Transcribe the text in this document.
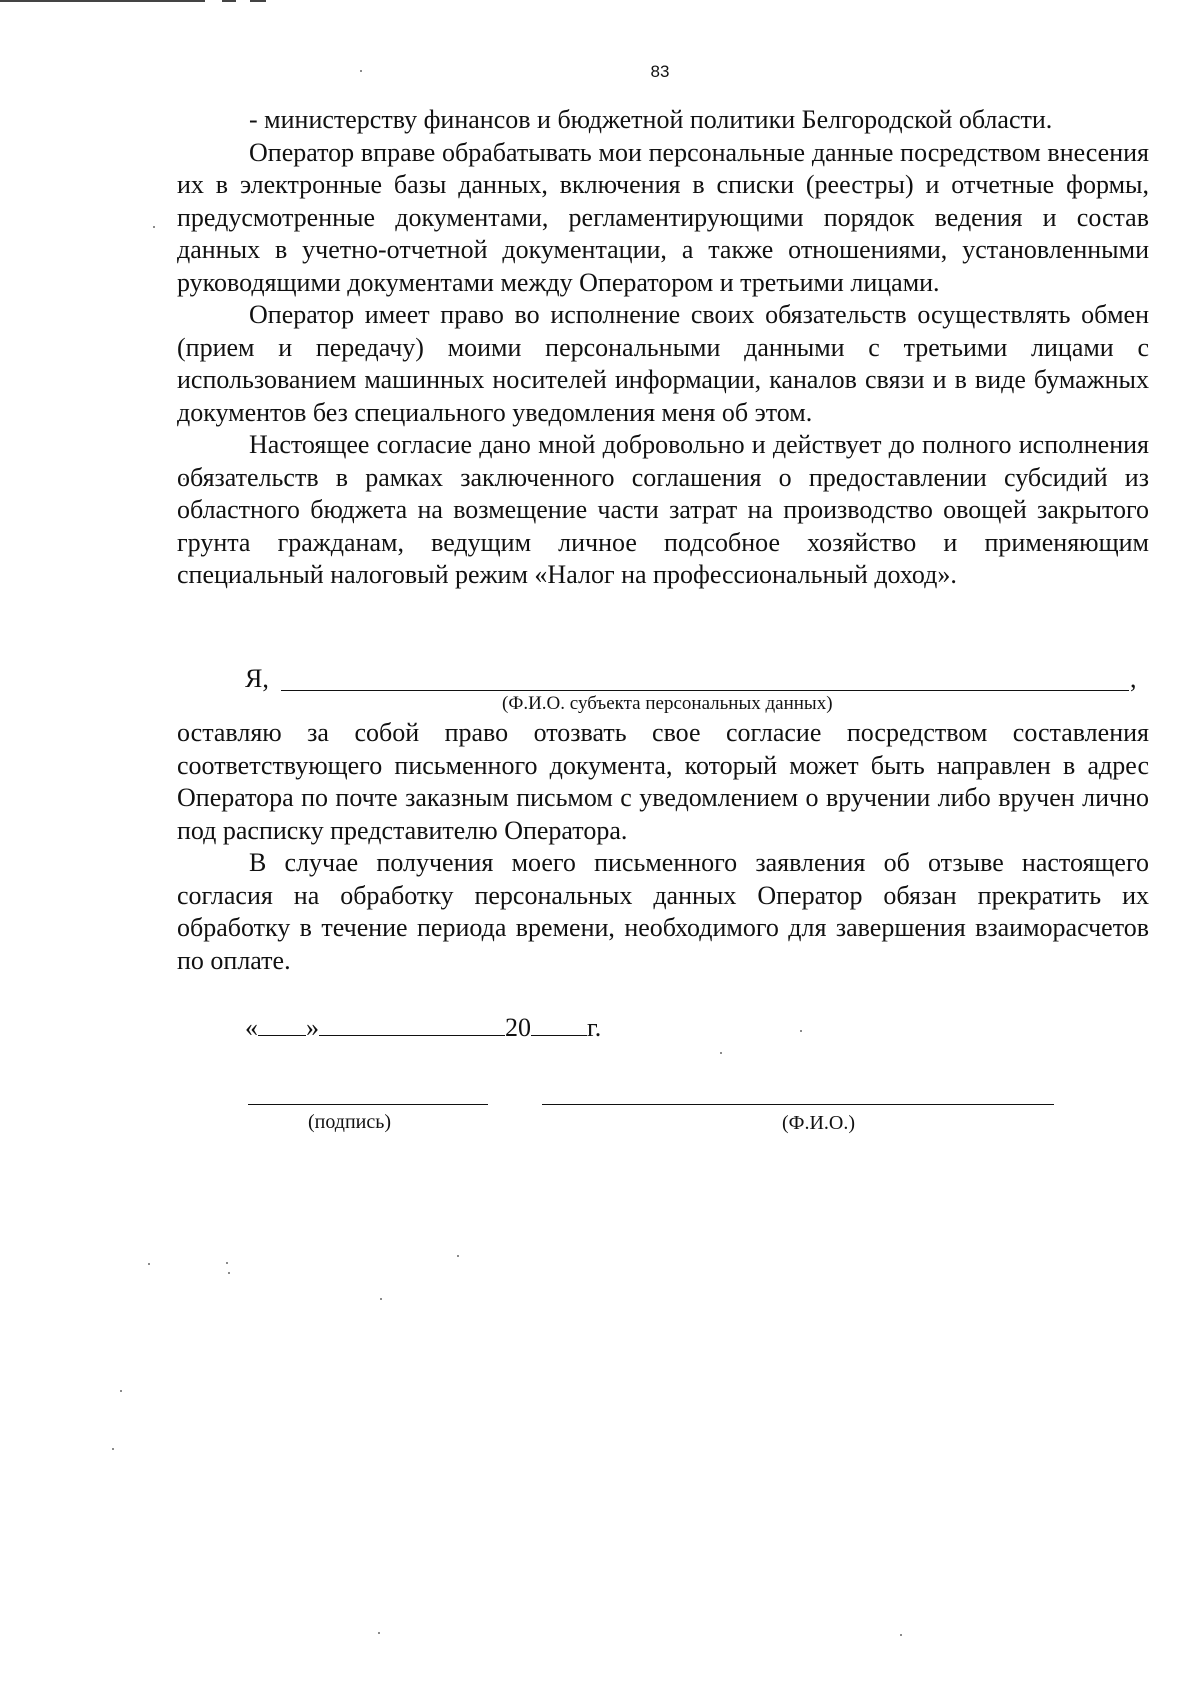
83

- министерству финансов и бюджетной политики Белгородской области.

Оператор вправе обрабатывать мои персональные данные посредством внесения их в электронные базы данных, включения в списки (реестры) и отчетные формы, предусмотренные документами, регламентирующими порядок ведения и состав данных в учетно-отчетной документации, а также отношениями, установленными руководящими документами между Оператором и третьими лицами.

Оператор имеет право во исполнение своих обязательств осуществлять обмен (прием и передачу) моими персональными данными с третьими лицами с использованием машинных носителей информации, каналов связи и в виде бумажных документов без специального уведомления меня об этом.

Настоящее согласие дано мной добровольно и действует до полного исполнения обязательств в рамках заключенного соглашения о предоставлении субсидий из областного бюджета на возмещение части затрат на производство овощей закрытого грунта гражданам, ведущим личное подсобное хозяйство и применяющим специальный налоговый режим «Налог на профессиональный доход».

Я,	,
(Ф.И.О. субъекта персональных данных)

оставляю за собой право отозвать свое согласие посредством составления соответствующего письменного документа, который может быть направлен в адрес Оператора по почте заказным письмом с уведомлением о вручении либо вручен лично под расписку представителю Оператора.

В случае получения моего письменного заявления об отзыве настоящего согласия на обработку персональных данных Оператор обязан прекратить их обработку в течение периода времени, необходимого для завершения взаиморасчетов по оплате.

« »	20 г.
(подпись)	(Ф.И.О.)
